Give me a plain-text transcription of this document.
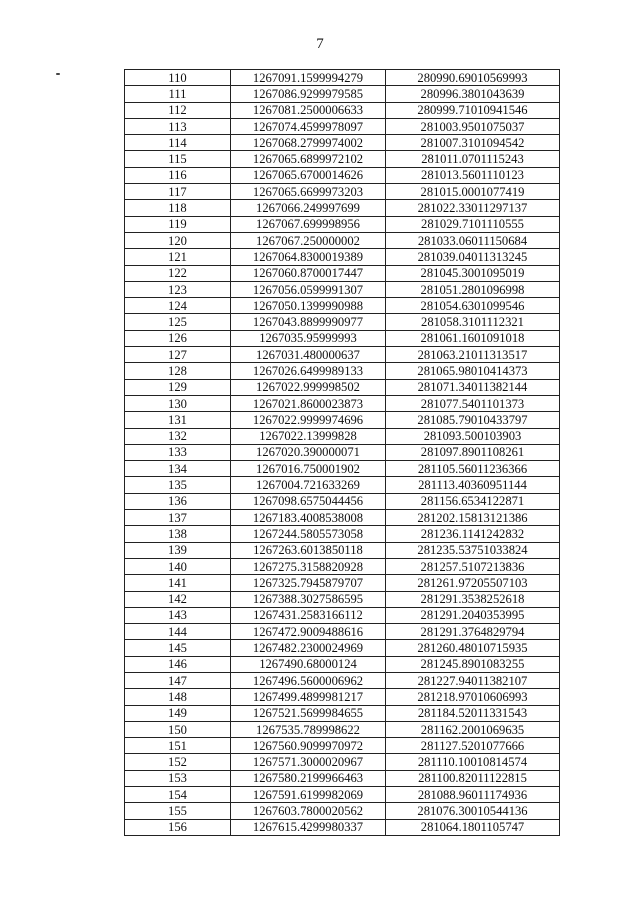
7
110	1267091.1599994279	280990.69010569993
111	1267086.9299979585	280996.3801043639
112	1267081.2500006633	280999.71010941546
113	1267074.4599978097	281003.9501075037
114	1267068.2799974002	281007.3101094542
115	1267065.6899972102	281011.0701115243
116	1267065.6700014626	281013.5601110123
117	1267065.6699973203	281015.0001077419
118	1267066.249997699	281022.33011297137
119	1267067.699998956	281029.7101110555
120	1267067.250000002	281033.06011150684
121	1267064.8300019389	281039.04011313245
122	1267060.8700017447	281045.3001095019
123	1267056.0599991307	281051.2801096998
124	1267050.1399990988	281054.6301099546
125	1267043.8899990977	281058.3101112321
126	1267035.95999993	281061.1601091018
127	1267031.480000637	281063.21011313517
128	1267026.6499989133	281065.98010414373
129	1267022.999998502	281071.34011382144
130	1267021.8600023873	281077.5401101373
131	1267022.9999974696	281085.79010433797
132	1267022.13999828	281093.500103903
133	1267020.390000071	281097.8901108261
134	1267016.750001902	281105.56011236366
135	1267004.721633269	281113.40360951144
136	1267098.6575044456	281156.6534122871
137	1267183.4008538008	281202.15813121386
138	1267244.5805573058	281236.1141242832
139	1267263.6013850118	281235.53751033824
140	1267275.3158820928	281257.5107213836
141	1267325.7945879707	281261.97205507103
142	1267388.3027586595	281291.3538252618
143	1267431.2583166112	281291.2040353995
144	1267472.9009488616	281291.3764829794
145	1267482.2300024969	281260.48010715935
146	1267490.68000124	281245.8901083255
147	1267496.5600006962	281227.94011382107
148	1267499.4899981217	281218.97010606993
149	1267521.5699984655	281184.52011331543
150	1267535.789998622	281162.2001069635
151	1267560.9099970972	281127.5201077666
152	1267571.3000020967	281110.10010814574
153	1267580.2199966463	281100.82011122815
154	1267591.6199982069	281088.96011174936
155	1267603.7800020562	281076.30010544136
156	1267615.4299980337	281064.1801105747
